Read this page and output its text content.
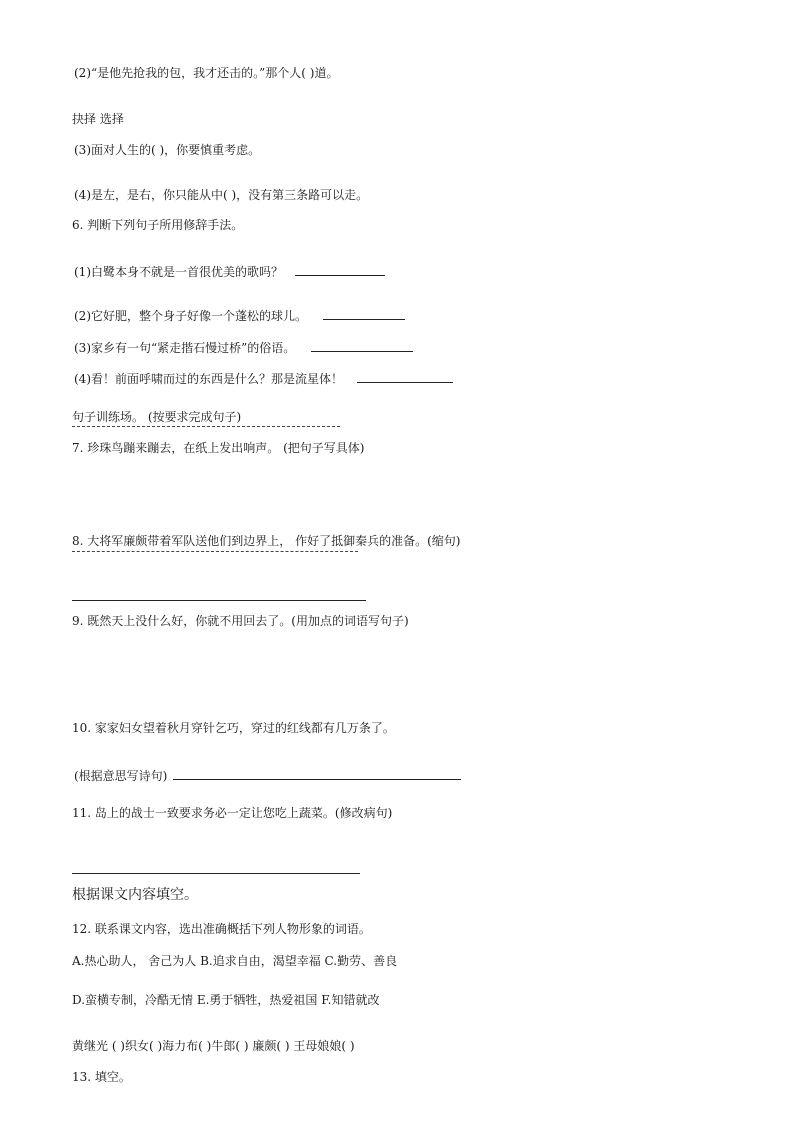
(2)“是他先抢我的包，我才还击的。”那个人( )道。
抉择 选择
(3)面对人生的( )，你要慎重考虑。
(4)是左，是右，你只能从中( )，没有第三条路可以走。
6. 判断下列句子所用修辞手法。
(1)白鹭本身不就是一首很优美的歌吗？
(2)它好肥，整个身子好像一个蓬松的球儿。
(3)家乡有一句“紧走揩石慢过桥”的俗语。
(4)看！前面呼啸而过的东西是什么？那是流星体！
句子训练场。 (按要求完成句子)
7. 珍珠鸟蹦来蹦去，在纸上发出响声。 (把句子写具体)
8. 大将军廉颇带着军队送他们到边界上， 作好了抵御秦兵的准备。(缩句)
9. 既然天上没什么好，你就不用回去了。(用加点的词语写句子)
10. 家家妇女望着秋月穿针乞巧，穿过的红线都有几万条了。
(根据意思写诗句)
11. 岛上的战士一致要求务必一定让您吃上蔬菜。(修改病句)
根据课文内容填空。
12. 联系课文内容，选出准确概括下列人物形象的词语。
A.热心助人， 舍己为人 B.追求自由，渴望幸福 C.勤劳、善良
D.蛮横专制，冷酷无情 E.勇于牺牲，热爱祖国 F.知错就改
黄继光 ( )织女( )海力布( )牛郎( ) 廉颇( ) 王母娘娘( )
13. 填空。
